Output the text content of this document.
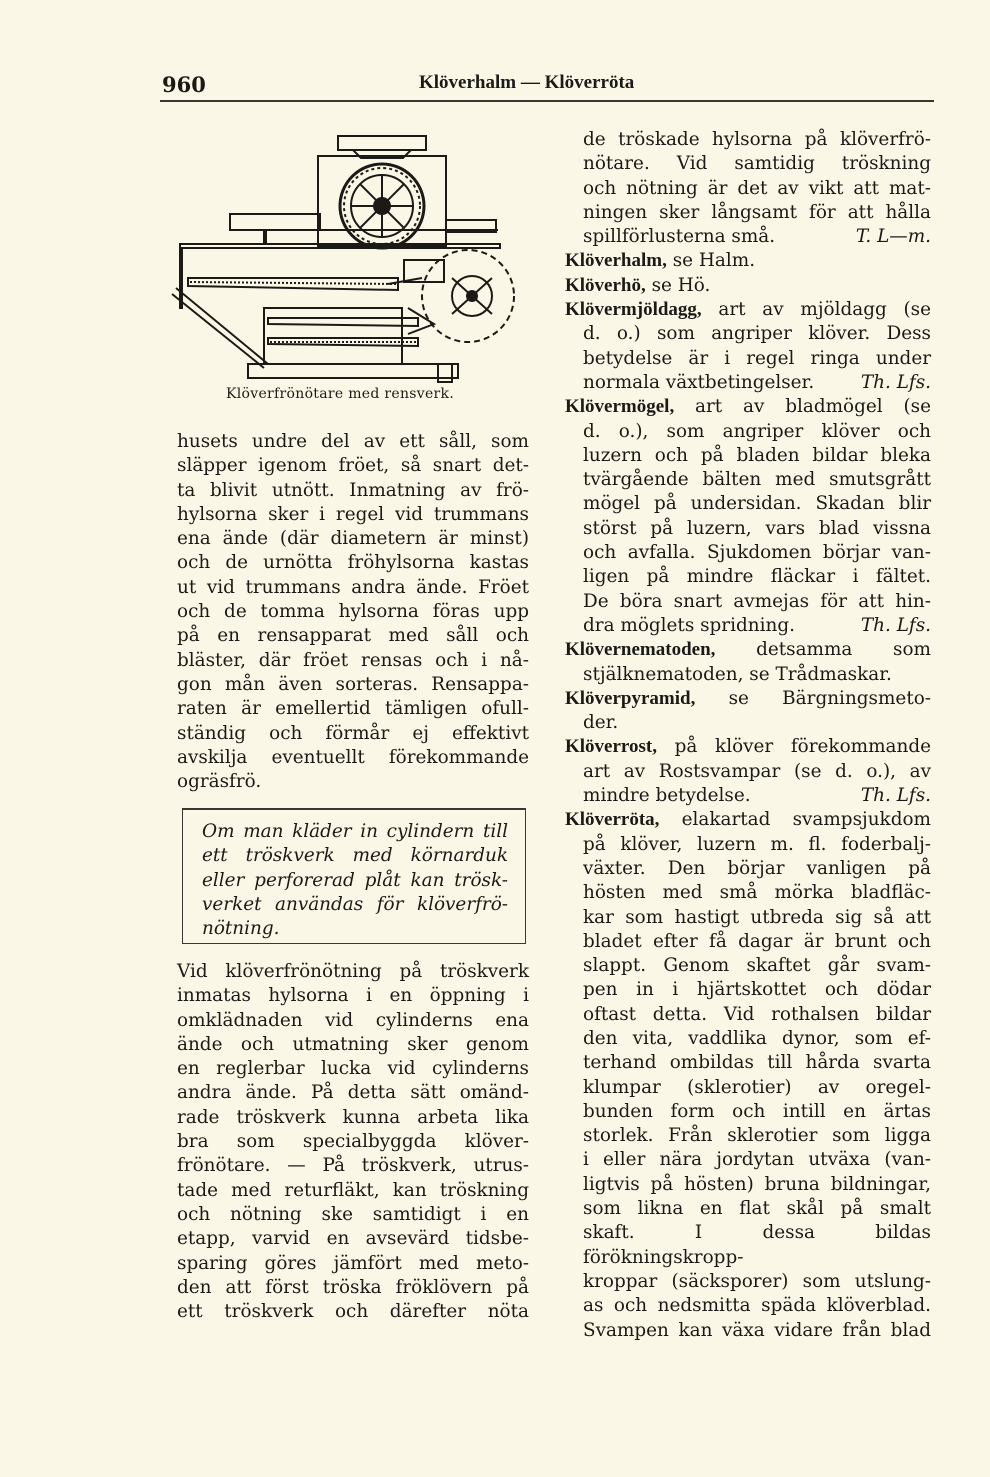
960	Klöverhalm — Klöverröta
Klöverfrönötare med rensverk.

husets undre del av ett såll, som

släpper igenom fröet, så snart det-

ta blivit utnött. Inmatning av frö-

hylsorna sker i regel vid trummans

ena ände (där diametern är minst)

och de urnötta fröhylsorna kastas

ut vid trummans andra ände. Fröet

och de tomma hylsorna föras upp

på en rensapparat med såll och

bläster, där fröet rensas och i nå-

gon mån även sorteras. Rensappa-

raten är emellertid tämligen ofull-

ständig och förmår ej effektivt

avskilja eventuellt förekommande

ogräsfrö.

Om man kläder in cylindern till

ett tröskverk med körnarduk

eller perforerad plåt kan trösk-

verket användas för klöverfrö-

nötning.

Vid klöverfrönötning på tröskverk

inmatas hylsorna i en öppning i

omklädnaden vid cylinderns ena

ände och utmatning sker genom

en reglerbar lucka vid cylinderns

andra ände. På detta sätt omänd-

rade tröskverk kunna arbeta lika

bra som specialbyggda klöver-

frönötare. — På tröskverk, utrus-

tade med returfläkt, kan tröskning

och nötning ske samtidigt i en

etapp, varvid en avsevärd tidsbe-

sparing göres jämfört med meto-

den att först tröska fröklövern på

ett tröskverk och därefter nöta

de tröskade hylsorna på klöverfrö-

nötare. Vid samtidig tröskning

och nötning är det av vikt att mat-

ningen sker långsamt för att hålla

spillförlusterna små.	T. L—m.

Klöverhalm, se Halm.

Klöverhö, se Hö.

Klövermjöldagg, art av mjöldagg (se

d. o.) som angriper klöver. Dess

betydelse är i regel ringa under

normala växtbetingelser.	Th. Lfs.

Klövermögel, art av bladmögel (se

d. o.), som angriper klöver och

luzern och på bladen bildar bleka

tvärgående bälten med smutsgrått

mögel på undersidan. Skadan blir

störst på luzern, vars blad vissna

och avfalla. Sjukdomen börjar van-

ligen på mindre fläckar i fältet.

De böra snart avmejas för att hin-

dra möglets spridning.	Th. Lfs.

Klövernematoden, detsamma som

stjälknematoden, se Trådmaskar.

Klöverpyramid, se Bärgningsmeto-

der.

Klöverrost, på klöver förekommande

art av Rostsvampar (se d. o.), av

mindre betydelse.	Th. Lfs.

Klöverröta, elakartad svampsjukdom

på klöver, luzern m. fl. foderbalj-

växter. Den börjar vanligen på

hösten med små mörka bladfläc-

kar som hastigt utbreda sig så att

bladet efter få dagar är brunt och

slappt. Genom skaftet går svam-

pen in i hjärtskottet och dödar

oftast detta. Vid rothalsen bildar

den vita, vaddlika dynor, som ef-

terhand ombildas till hårda svarta

klumpar (sklerotier) av oregel-

bunden form och intill en ärtas

storlek. Från sklerotier som ligga

i eller nära jordytan utväxa (van-

ligtvis på hösten) bruna bildningar,

som likna en flat skål på smalt

skaft. I dessa bildas förökningskropp-

kroppar (säcksporer) som utslung-

as och nedsmitta späda klöverblad.

Svampen kan växa vidare från blad
